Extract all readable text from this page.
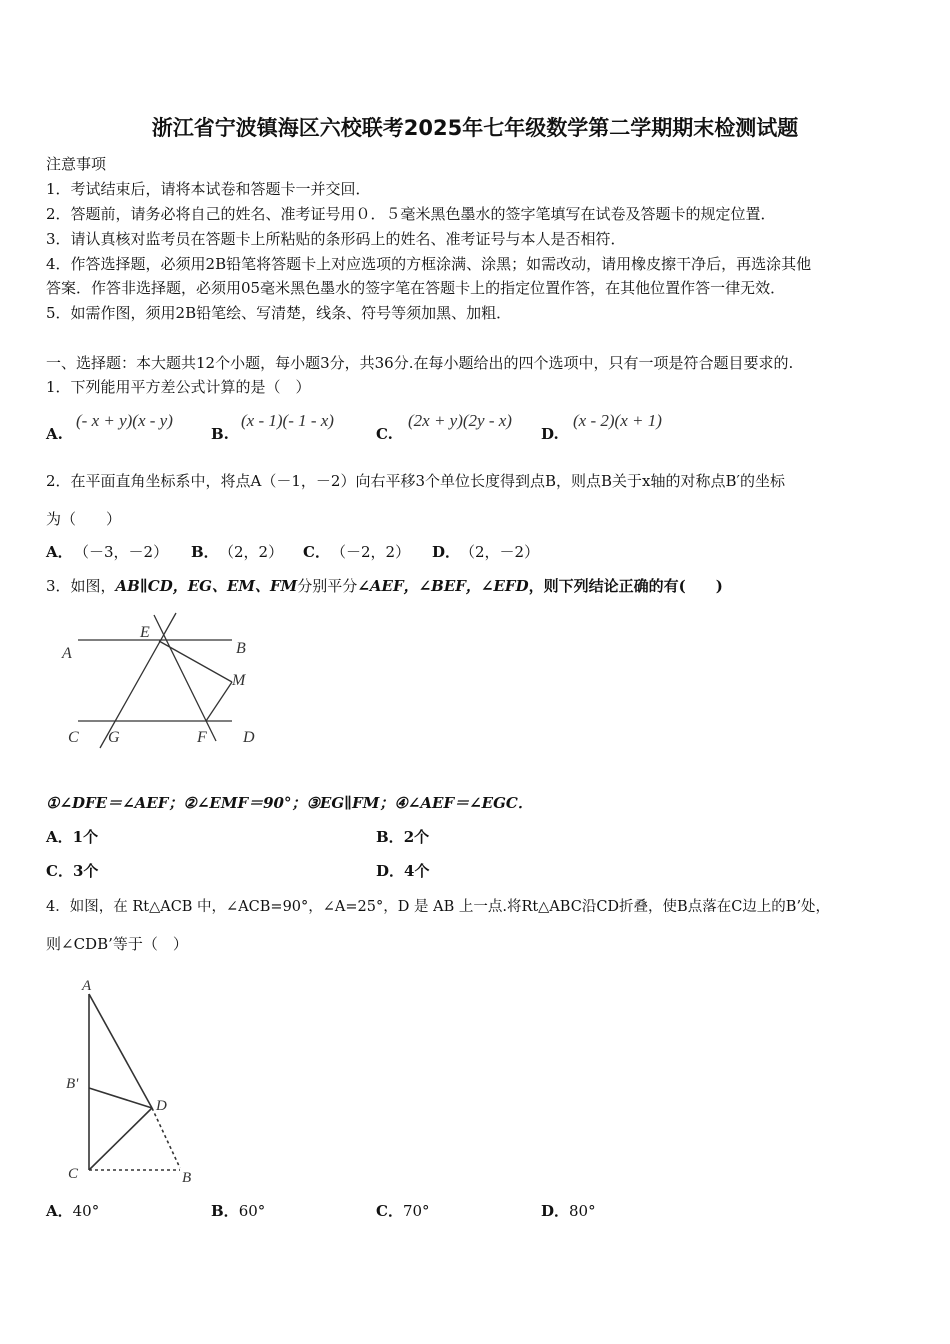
浙江省宁波镇海区六校联考2025年七年级数学第二学期期末检测试题
注意事项
1．考试结束后，请将本试卷和答题卡一并交回．
2．答题前，请务必将自己的姓名、准考证号用０．５毫米黑色墨水的签字笔填写在试卷及答题卡的规定位置．
3．请认真核对监考员在答题卡上所粘贴的条形码上的姓名、准考证号与本人是否相符．
4．作答选择题，必须用2B铅笔将答题卡上对应选项的方框涂满、涂黑；如需改动，请用橡皮擦干净后，再选涂其他
答案．作答非选择题，必须用05毫米黑色墨水的签字笔在答题卡上的指定位置作答，在其他位置作答一律无效．
5．如需作图，须用2B铅笔绘、写清楚，线条、符号等须加黑、加粗．
一、选择题：本大题共12个小题，每小题3分，共36分.在每小题给出的四个选项中，只有一项是符合题目要求的.
1．下列能用平方差公式计算的是（　）
A.
(- x + y)(x - y)
B.
(x - 1)(- 1 - x)
C.
(2x + y)(2y - x)
D.
(x - 2)(x + 1)
2．在平面直角坐标系中，将点A（－1，－2）向右平移3个单位长度得到点B，则点B关于x轴的对称点B′的坐标
为（　　）
A． （－3，－2） B． （2，2） C． （－2，2） D． （2，－2）
3．如图，AB∥CD，EG、EM、FM分别平分∠AEF，∠BEF，∠EFD，则下列结论正确的有(　　)
A
E
B
M
C G	F D
①∠DFE＝∠AEF；②∠EMF＝90°；③EG∥FM；④∠AEF＝∠EGC．
A．1个	B．2个
C．3个	D．4个
4．如图，在 Rt△ACB 中，∠ACB=90°，∠A=25°，D 是 AB 上一点.将Rt△ABC沿CD折叠，使B点落在C边上的B’处，
则∠CDB’等于（　）
A
B'
D
C	B
A．40°	B．60°	C．70°	D．80°
